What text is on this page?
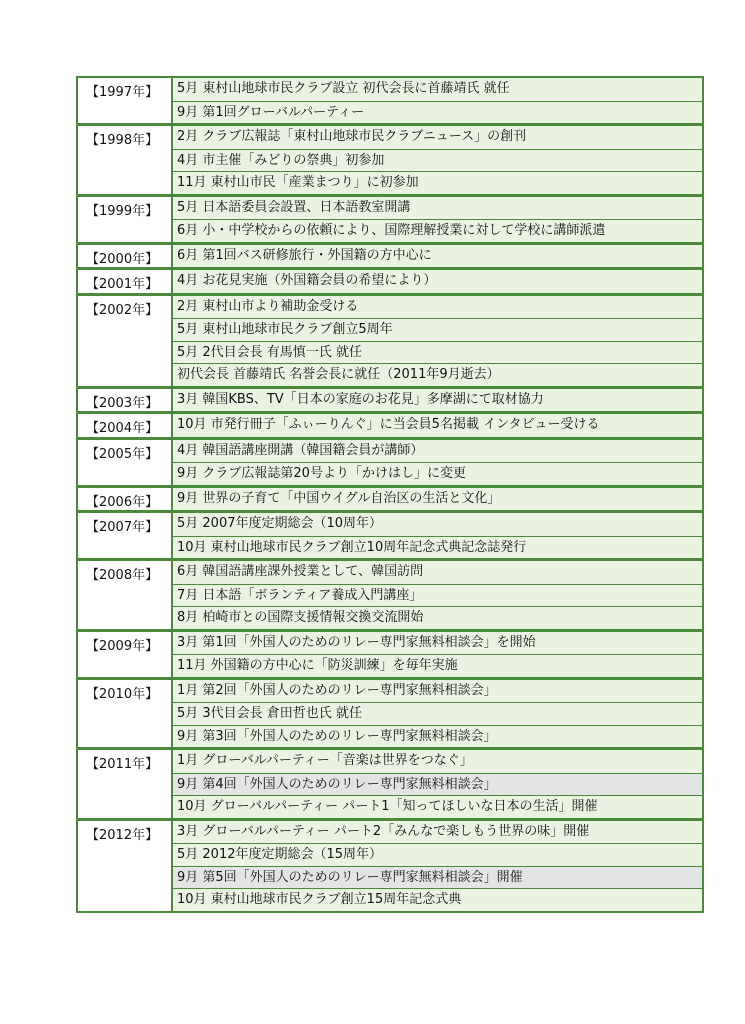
【1997年】	5月 東村山地球市民クラブ設立 初代会長に首藤靖氏 就任
9月 第1回グローバルパーティー
【1998年】	2月 クラブ広報誌「東村山地球市民クラブニュース」の創刊
4月 市主催「みどりの祭典」初参加
11月 東村山市民「産業まつり」に初参加
【1999年】	5月 日本語委員会設置、日本語教室開講
6月 小・中学校からの依頼により、国際理解授業に対して学校に講師派遣
【2000年】	6月 第1回バス研修旅行・外国籍の方中心に
【2001年】	4月 お花見実施（外国籍会員の希望により）
【2002年】	2月 東村山市より補助金受ける
5月 東村山地球市民クラブ創立5周年
5月 2代目会長 有馬慎一氏 就任
初代会長 首藤靖氏 名誉会長に就任（2011年9月逝去）
【2003年】	3月 韓国KBS、TV「日本の家庭のお花見」多摩湖にて取材協力
【2004年】	10月 市発行冊子「ふぃーりんぐ」に当会員5名掲載 インタビュー受ける
【2005年】	4月 韓国語講座開講（韓国籍会員が講師）
9月 クラブ広報誌第20号より「かけはし」に変更
【2006年】	9月 世界の子育て「中国ウイグル自治区の生活と文化」
【2007年】	5月 2007年度定期総会（10周年）
10月 東村山地球市民クラブ創立10周年記念式典記念誌発行
【2008年】	6月 韓国語講座課外授業として、韓国訪問
7月 日本語「ボランティア養成入門講座」
8月 柏崎市との国際支援情報交換交流開始
【2009年】	3月 第1回「外国人のためのリレー専門家無料相談会」を開始
11月 外国籍の方中心に「防災訓練」を毎年実施
【2010年】	1月 第2回「外国人のためのリレー専門家無料相談会」
5月 3代目会長 倉田哲也氏 就任
9月 第3回「外国人のためのリレー専門家無料相談会」
【2011年】	1月 グローバルパーティー「音楽は世界をつなぐ」
9月 第4回「外国人のためのリレー専門家無料相談会」
10月 グローバルパーティー パート1「知ってほしいな日本の生活」開催
【2012年】	3月 グローバルパーティー パート2「みんなで楽しもう世界の味」開催
5月 2012年度定期総会（15周年）
9月 第5回「外国人のためのリレー専門家無料相談会」開催
10月 東村山地球市民クラブ創立15周年記念式典
